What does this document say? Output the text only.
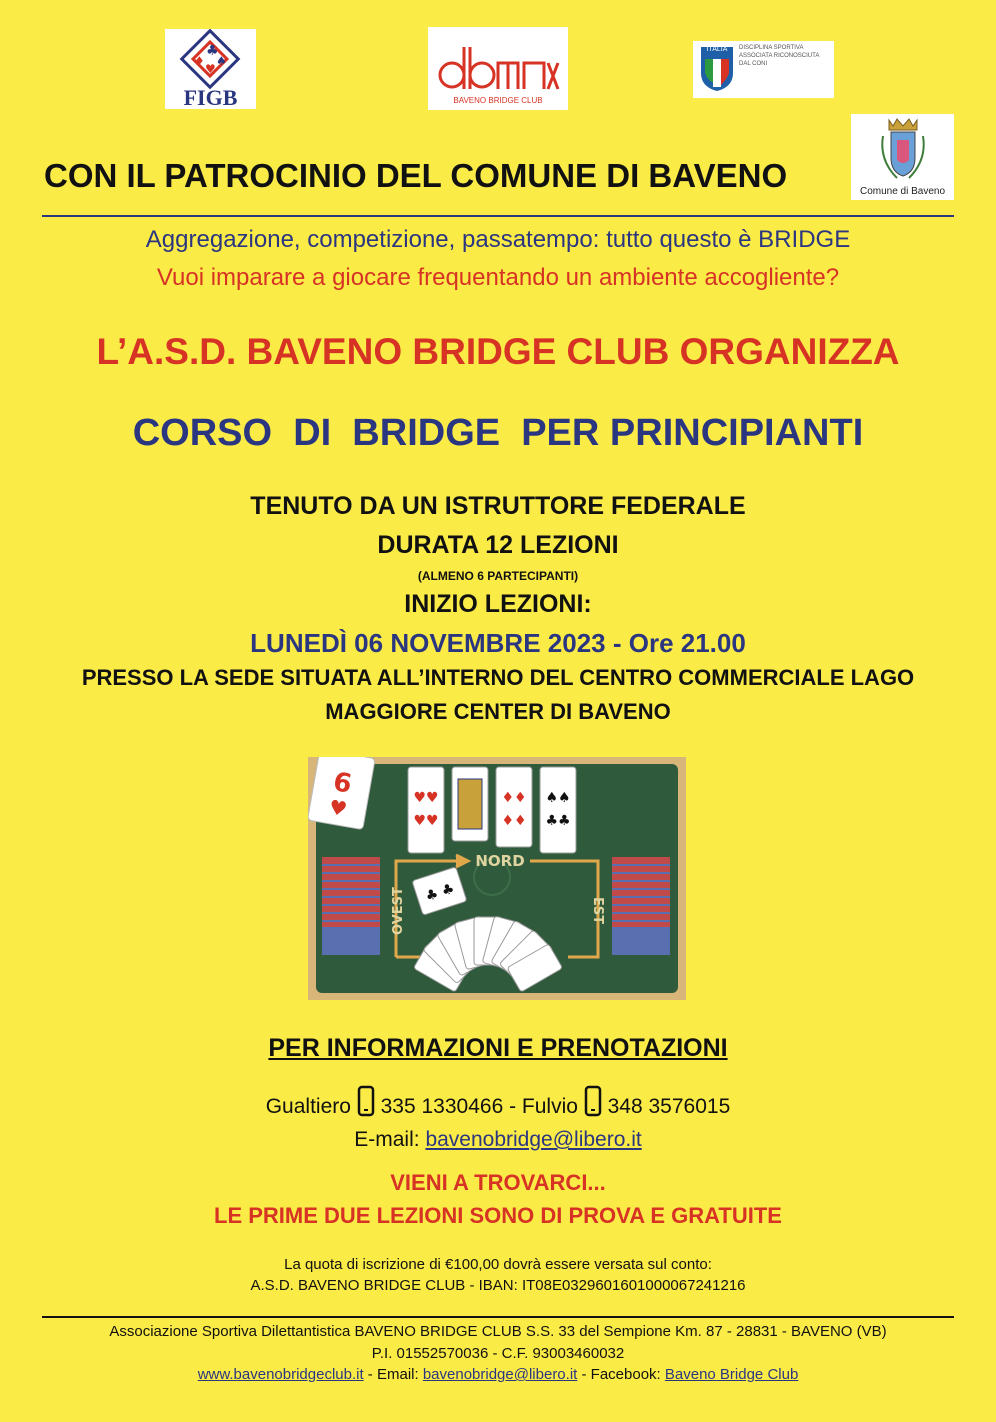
♣
♦ ♠
♥
FIGB	BAVENO BRIDGE CLUB
ITALIA	DISCIPLINA SPORTIVA
ASSOCIATA RICONOSCIUTA
DAL CONI
Comune di Baveno
CON IL PATROCINIO DEL COMUNE DI BAVENO
Aggregazione, competizione, passatempo: tutto questo è BRIDGE
Vuoi imparare a giocare frequentando un ambiente accogliente?
L’A.S.D. BAVENO BRIDGE CLUB ORGANIZZA
CORSO  DI  BRIDGE  PER PRINCIPIANTI
TENUTO DA UN ISTRUTTORE FEDERALE
DURATA 12 LEZIONI
(ALMENO 6 PARTECIPANTI)
INIZIO LEZIONI:
LUNEDÌ 06 NOVEMBRE 2023 - Ore 21.00
PRESSO LA SEDE SITUATA ALL’INTERNO DEL CENTRO COMMERCIALE LAGO
MAGGIORE CENTER DI BAVENO
♥♥
♥♥
♦♦
♦♦
♠♠
♣♣
6
♥
NORD
OVEST	EST
♣ ♣
PER INFORMAZIONI E PRENOTAZIONI
Gualtiero 335 1330466 - Fulvio 348 3576015
E-mail: bavenobridge@libero.it
VIENI A TROVARCI...
LE PRIME DUE LEZIONI SONO DI PROVA E GRATUITE
La quota di iscrizione di €100,00 dovrà essere versata sul conto:
A.S.D. BAVENO BRIDGE CLUB - IBAN: IT08E0329601601000067241216
Associazione Sportiva Dilettantistica BAVENO BRIDGE CLUB S.S. 33 del Sempione Km. 87 - 28831 - BAVENO (VB)
P.I. 01552570036 - C.F. 93003460032
www.bavenobridgeclub.it - Email: bavenobridge@libero.it - Facebook: Baveno Bridge Club
